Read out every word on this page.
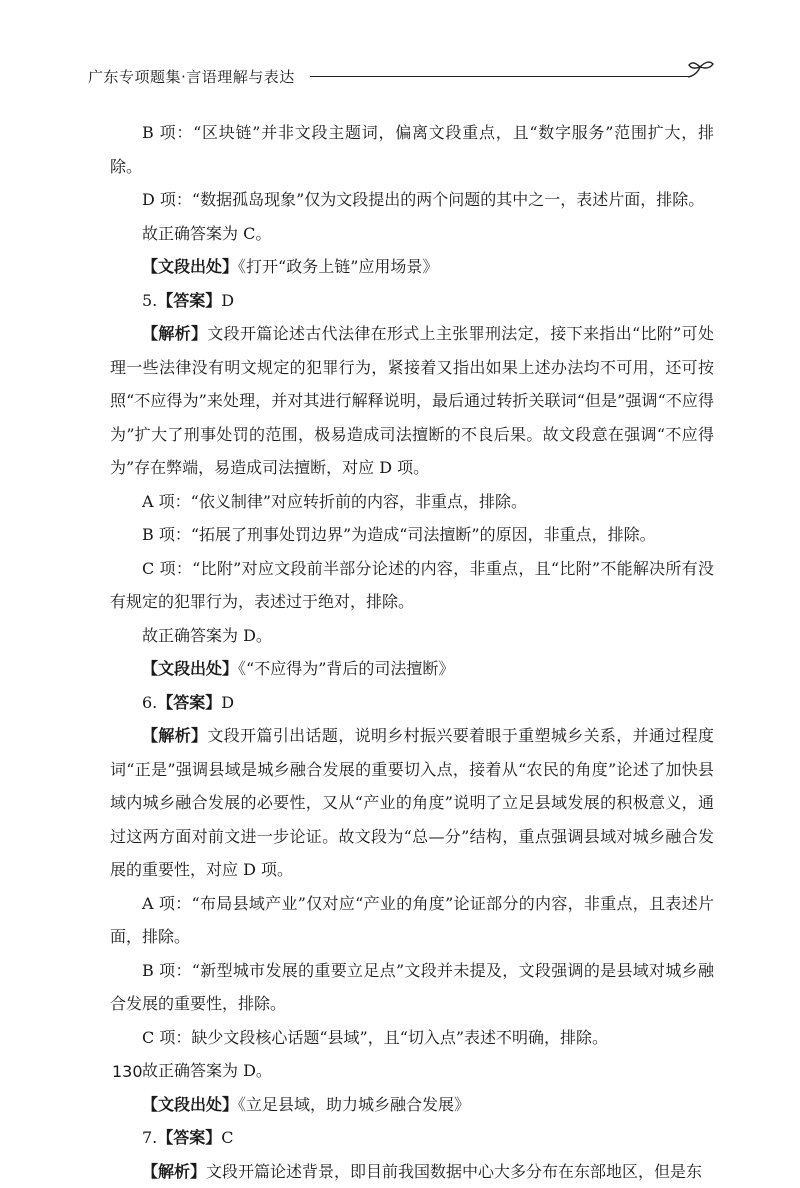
广东专项题集·言语理解与表达

B 项：“区块链”并非文段主题词，偏离文段重点，且“数字服务”范围扩大，排除。

D 项：“数据孤岛现象”仅为文段提出的两个问题的其中之一，表述片面，排除。

故正确答案为 C。

【文段出处】《打开“政务上链”应用场景》

5.【答案】D

【解析】文段开篇论述古代法律在形式上主张罪刑法定，接下来指出“比附”可处理一些法律没有明文规定的犯罪行为，紧接着又指出如果上述办法均不可用，还可按照“不应得为”来处理，并对其进行解释说明，最后通过转折关联词“但是”强调“不应得为”扩大了刑事处罚的范围，极易造成司法擅断的不良后果。故文段意在强调“不应得为”存在弊端，易造成司法擅断，对应 D 项。

A 项：“依义制律”对应转折前的内容，非重点，排除。

B 项：“拓展了刑事处罚边界”为造成“司法擅断”的原因，非重点，排除。

C 项：“比附”对应文段前半部分论述的内容，非重点，且“比附”不能解决所有没有规定的犯罪行为，表述过于绝对，排除。

故正确答案为 D。

【文段出处】《“不应得为”背后的司法擅断》

6.【答案】D

【解析】文段开篇引出话题，说明乡村振兴要着眼于重塑城乡关系，并通过程度词“正是”强调县域是城乡融合发展的重要切入点，接着从“农民的角度”论述了加快县域内城乡融合发展的必要性，又从“产业的角度”说明了立足县域发展的积极意义，通过这两方面对前文进一步论证。故文段为“总—分”结构，重点强调县域对城乡融合发展的重要性，对应 D 项。

A 项：“布局县域产业”仅对应“产业的角度”论证部分的内容，非重点，且表述片面，排除。

B 项：“新型城市发展的重要立足点”文段并未提及，文段强调的是县域对城乡融合发展的重要性，排除。

C 项：缺少文段核心话题“县域”，且“切入点”表述不明确，排除。

故正确答案为 D。

【文段出处】《立足县域，助力城乡融合发展》

7.【答案】C

【解析】文段开篇论述背景，即目前我国数据中心大多分布在东部地区，但是东

130
